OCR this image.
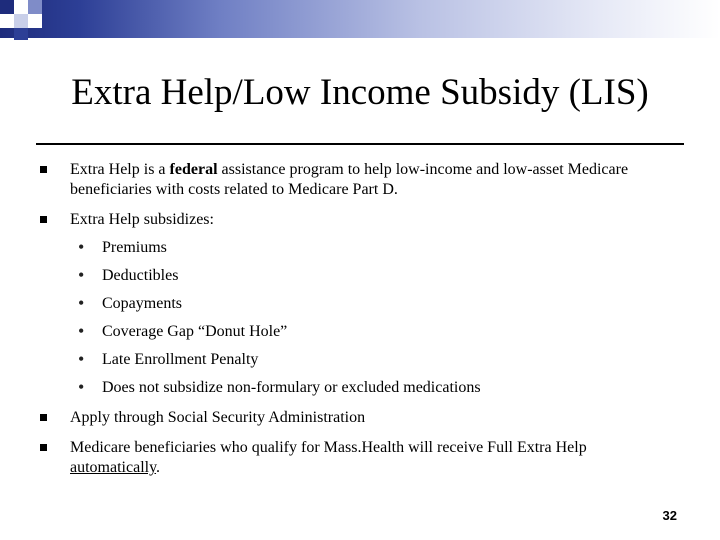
Extra Help/Low Income Subsidy (LIS)
Extra Help is a federal assistance program to help low-income and low-asset Medicare beneficiaries with costs related to Medicare Part D.
Extra Help subsidizes:
• Premiums
• Deductibles
• Copayments
• Coverage Gap “Donut Hole”
• Late Enrollment Penalty
• Does not subsidize non-formulary or excluded medications
Apply through Social Security Administration
Medicare beneficiaries who qualify for Mass.Health will receive Full Extra Help automatically.
32
